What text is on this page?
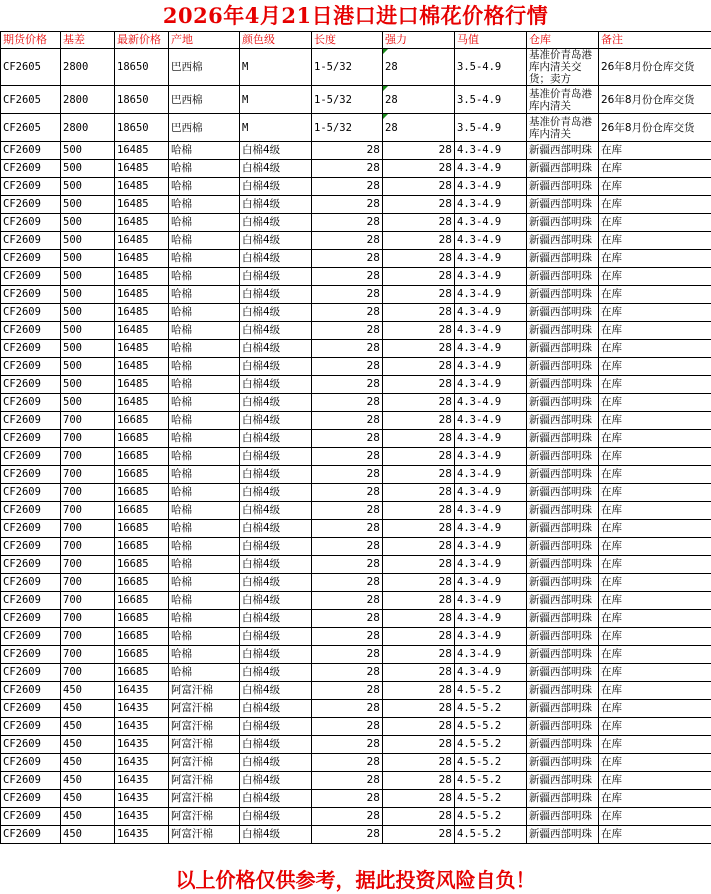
2026年4月21日港口进口棉花价格行情
期货价格	基差	最新价格	产地	颜色级	长度	强力	马值	仓库	备注
CF2605	2800	18650	巴西棉	M	1-5/32	28	3.5-4.9	基准价青岛港库内清关交货；卖方	26年8月份仓库交货
CF2605	2800	18650	巴西棉	M	1-5/32	28	3.5-4.9	基准价青岛港库内清关	26年8月份仓库交货
CF2605	2800	18650	巴西棉	M	1-5/32	28	3.5-4.9	基准价青岛港库内清关	26年8月份仓库交货
CF2609	500	16485	哈棉	白棉4级	28	28	4.3-4.9	新疆西部明珠	在库
CF2609	500	16485	哈棉	白棉4级	28	28	4.3-4.9	新疆西部明珠	在库
CF2609	500	16485	哈棉	白棉4级	28	28	4.3-4.9	新疆西部明珠	在库
CF2609	500	16485	哈棉	白棉4级	28	28	4.3-4.9	新疆西部明珠	在库
CF2609	500	16485	哈棉	白棉4级	28	28	4.3-4.9	新疆西部明珠	在库
CF2609	500	16485	哈棉	白棉4级	28	28	4.3-4.9	新疆西部明珠	在库
CF2609	500	16485	哈棉	白棉4级	28	28	4.3-4.9	新疆西部明珠	在库
CF2609	500	16485	哈棉	白棉4级	28	28	4.3-4.9	新疆西部明珠	在库
CF2609	500	16485	哈棉	白棉4级	28	28	4.3-4.9	新疆西部明珠	在库
CF2609	500	16485	哈棉	白棉4级	28	28	4.3-4.9	新疆西部明珠	在库
CF2609	500	16485	哈棉	白棉4级	28	28	4.3-4.9	新疆西部明珠	在库
CF2609	500	16485	哈棉	白棉4级	28	28	4.3-4.9	新疆西部明珠	在库
CF2609	500	16485	哈棉	白棉4级	28	28	4.3-4.9	新疆西部明珠	在库
CF2609	500	16485	哈棉	白棉4级	28	28	4.3-4.9	新疆西部明珠	在库
CF2609	500	16485	哈棉	白棉4级	28	28	4.3-4.9	新疆西部明珠	在库
CF2609	700	16685	哈棉	白棉4级	28	28	4.3-4.9	新疆西部明珠	在库
CF2609	700	16685	哈棉	白棉4级	28	28	4.3-4.9	新疆西部明珠	在库
CF2609	700	16685	哈棉	白棉4级	28	28	4.3-4.9	新疆西部明珠	在库
CF2609	700	16685	哈棉	白棉4级	28	28	4.3-4.9	新疆西部明珠	在库
CF2609	700	16685	哈棉	白棉4级	28	28	4.3-4.9	新疆西部明珠	在库
CF2609	700	16685	哈棉	白棉4级	28	28	4.3-4.9	新疆西部明珠	在库
CF2609	700	16685	哈棉	白棉4级	28	28	4.3-4.9	新疆西部明珠	在库
CF2609	700	16685	哈棉	白棉4级	28	28	4.3-4.9	新疆西部明珠	在库
CF2609	700	16685	哈棉	白棉4级	28	28	4.3-4.9	新疆西部明珠	在库
CF2609	700	16685	哈棉	白棉4级	28	28	4.3-4.9	新疆西部明珠	在库
CF2609	700	16685	哈棉	白棉4级	28	28	4.3-4.9	新疆西部明珠	在库
CF2609	700	16685	哈棉	白棉4级	28	28	4.3-4.9	新疆西部明珠	在库
CF2609	700	16685	哈棉	白棉4级	28	28	4.3-4.9	新疆西部明珠	在库
CF2609	700	16685	哈棉	白棉4级	28	28	4.3-4.9	新疆西部明珠	在库
CF2609	700	16685	哈棉	白棉4级	28	28	4.3-4.9	新疆西部明珠	在库
CF2609	450	16435	阿富汗棉	白棉4级	28	28	4.5-5.2	新疆西部明珠	在库
CF2609	450	16435	阿富汗棉	白棉4级	28	28	4.5-5.2	新疆西部明珠	在库
CF2609	450	16435	阿富汗棉	白棉4级	28	28	4.5-5.2	新疆西部明珠	在库
CF2609	450	16435	阿富汗棉	白棉4级	28	28	4.5-5.2	新疆西部明珠	在库
CF2609	450	16435	阿富汗棉	白棉4级	28	28	4.5-5.2	新疆西部明珠	在库
CF2609	450	16435	阿富汗棉	白棉4级	28	28	4.5-5.2	新疆西部明珠	在库
CF2609	450	16435	阿富汗棉	白棉4级	28	28	4.5-5.2	新疆西部明珠	在库
CF2609	450	16435	阿富汗棉	白棉4级	28	28	4.5-5.2	新疆西部明珠	在库
CF2609	450	16435	阿富汗棉	白棉4级	28	28	4.5-5.2	新疆西部明珠	在库
以上价格仅供参考，据此投资风险自负！
